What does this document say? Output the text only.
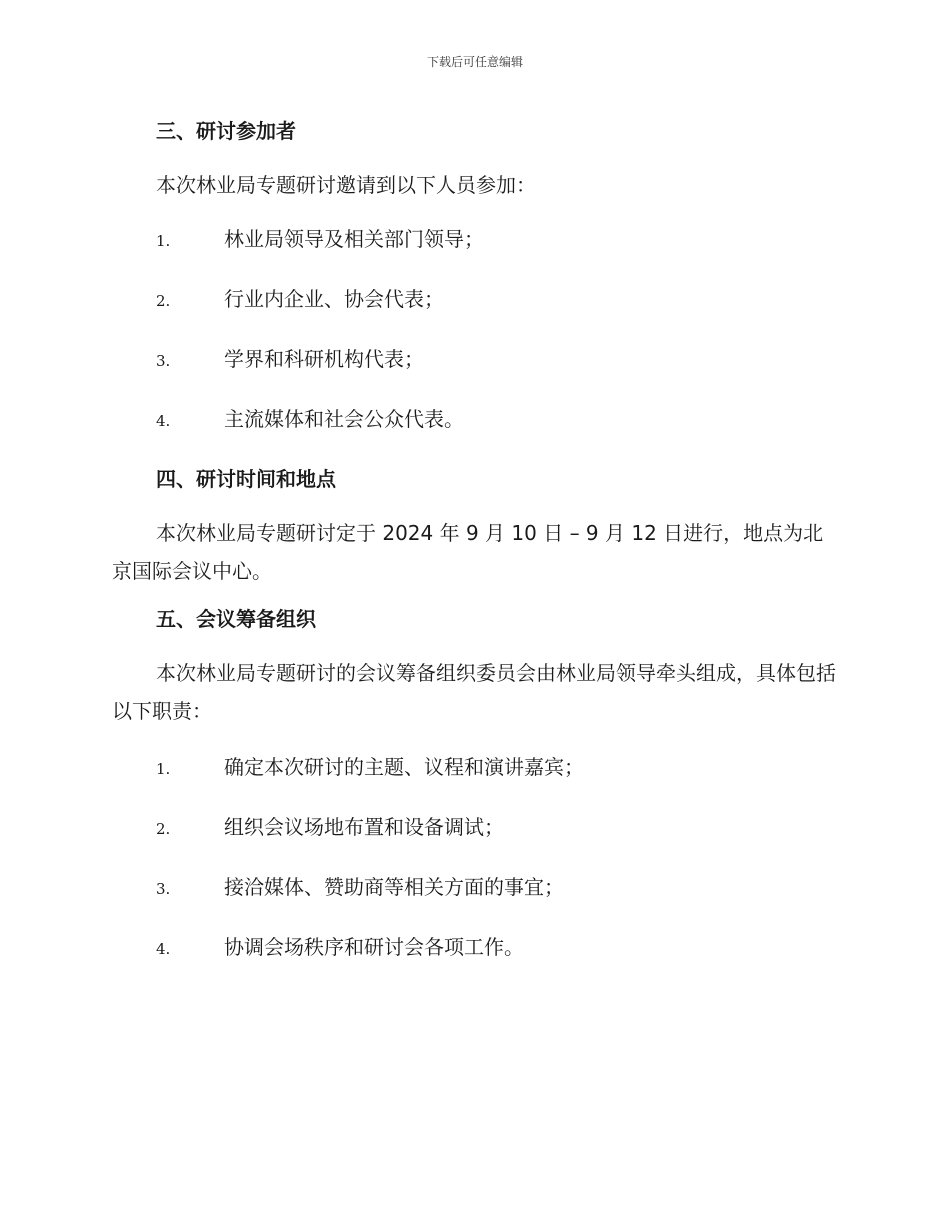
下载后可任意编辑
三、研讨参加者

本次林业局专题研讨邀请到以下人员参加：

1.	林业局领导及相关部门领导；
2.	行业内企业、协会代表；
3.	学界和科研机构代表；
4.	主流媒体和社会公众代表。
四、研讨时间和地点

本次林业局专题研讨定于 2024 年 9 月 10 日 – 9 月 12 日进行，地点为北京国际会议中心。

五、会议筹备组织

本次林业局专题研讨的会议筹备组织委员会由林业局领导牵头组成，具体包括以下职责：

1.	确定本次研讨的主题、议程和演讲嘉宾；
2.	组织会议场地布置和设备调试；
3.	接洽媒体、赞助商等相关方面的事宜；
4.	协调会场秩序和研讨会各项工作。
